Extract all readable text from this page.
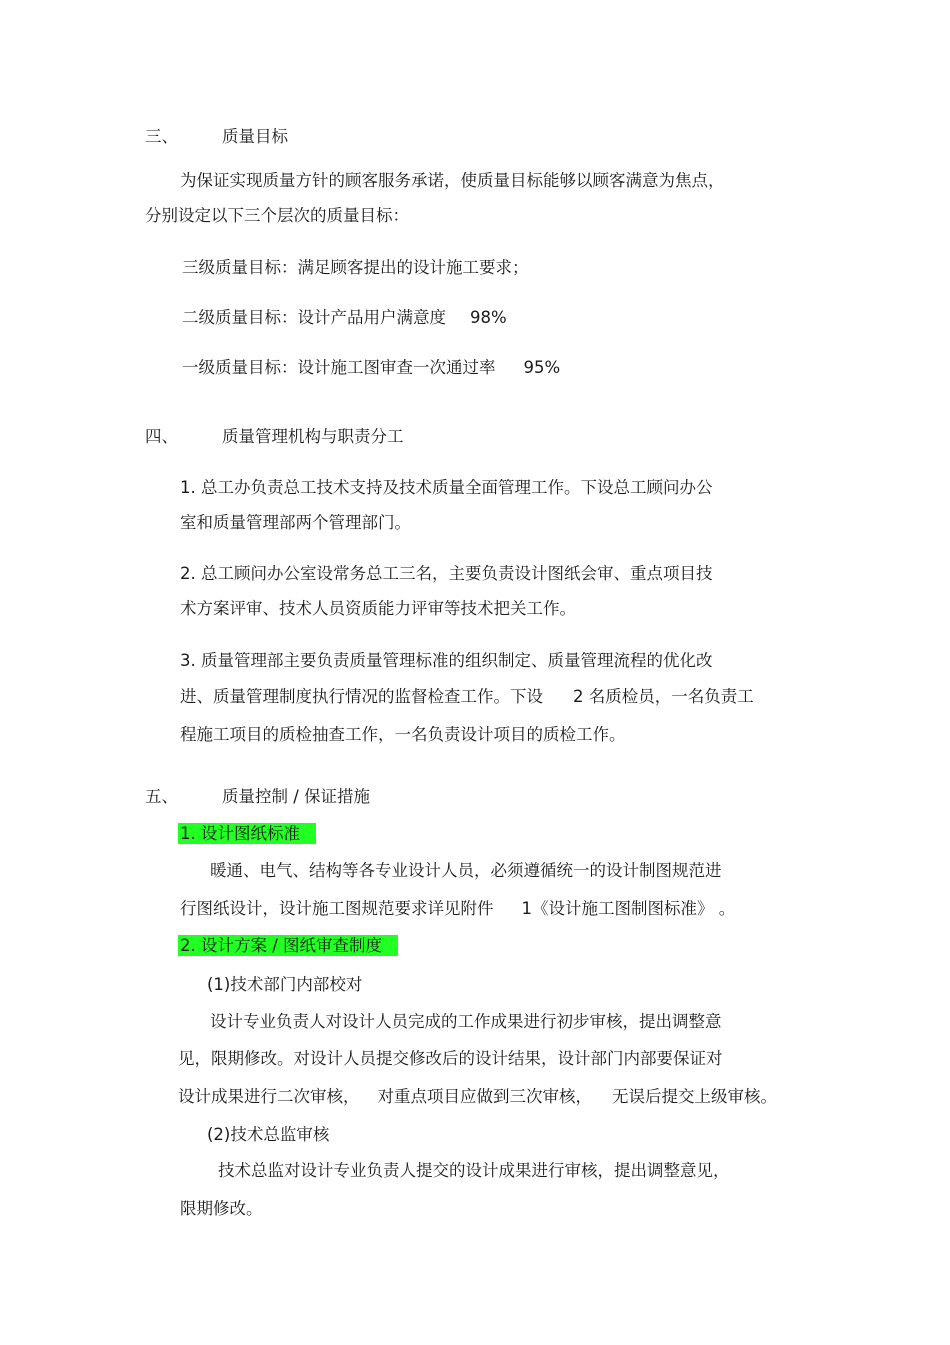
三、	质量目标
为保证实现质量方针的顾客服务承诺，使质量目标能够以顾客满意为焦点，
分别设定以下三个层次的质量目标：
三级质量目标：满足顾客提出的设计施工要求；
二级质量目标：设计产品用户满意度 98%
一级质量目标：设计施工图审查一次通过率 95%
四、	质量管理机构与职责分工
1. 总工办负责总工技术支持及技术质量全面管理工作。下设总工顾问办公
室和质量管理部两个管理部门。
2. 总工顾问办公室设常务总工三名，主要负责设计图纸会审、重点项目技
术方案评审、技术人员资质能力评审等技术把关工作。
3. 质量管理部主要负责质量管理标准的组织制定、质量管理流程的优化改
进、质量管理制度执行情况的监督检查工作。下设 2 名质检员，一名负责工
程施工项目的质检抽查工作，一名负责设计项目的质检工作。
五、	质量控制 / 保证措施
1. 设计图纸标准
暖通、电气、结构等各专业设计人员，必须遵循统一的设计制图规范进
行图纸设计，设计施工图规范要求详见附件 1《设计施工图制图标准》 。
2. 设计方案 / 图纸审查制度
(1)技术部门内部校对
设计专业负责人对设计人员完成的工作成果进行初步审核，提出调整意
见，限期修改。对设计人员提交修改后的设计结果，设计部门内部要保证对
设计成果进行二次审核， 对重点项目应做到三次审核， 无误后提交上级审核。
(2)技术总监审核
技术总监对设计专业负责人提交的设计成果进行审核，提出调整意见，
限期修改。
